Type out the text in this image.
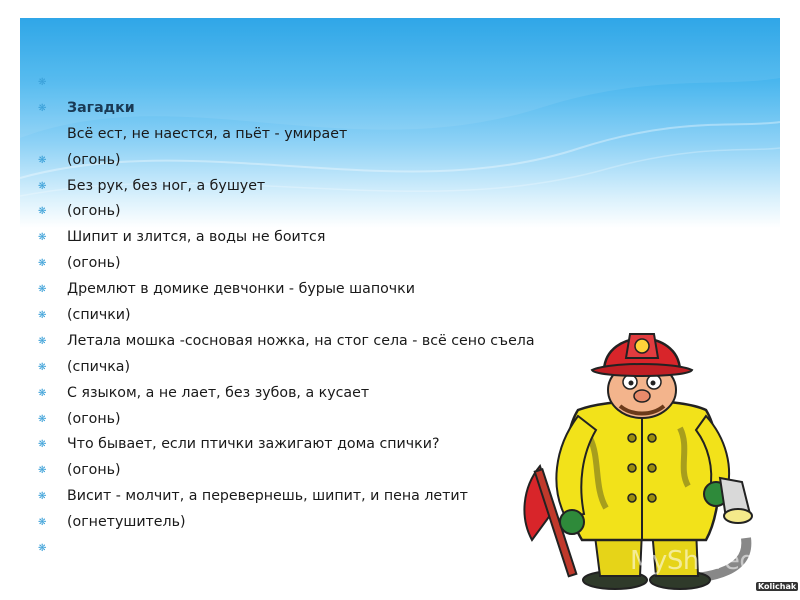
❋
❋ Загадки
Всё ест, не наестся, а пьёт - умирает
❋ (огонь)
❋ Без рук, без ног, а бушует
❋ (огонь)
❋ Шипит и злится, а воды не боится
❋ (огонь)
❋ Дремлют в домике девчонки - бурые шапочки
❋ (спички)
❋ Летала мошка -сосновая ножка, на стог села - всё сено съела
❋ (спичка)
❋ С языком, а не лает, без зубов, а кусает
❋ (огонь)
❋ Что бывает, если птички зажигают дома спички?
❋ (огонь)
❋ Висит - молчит, а перевернешь, шипит, и пена летит
❋ (огнетушитель)
❋	MyShared
Kolichak
